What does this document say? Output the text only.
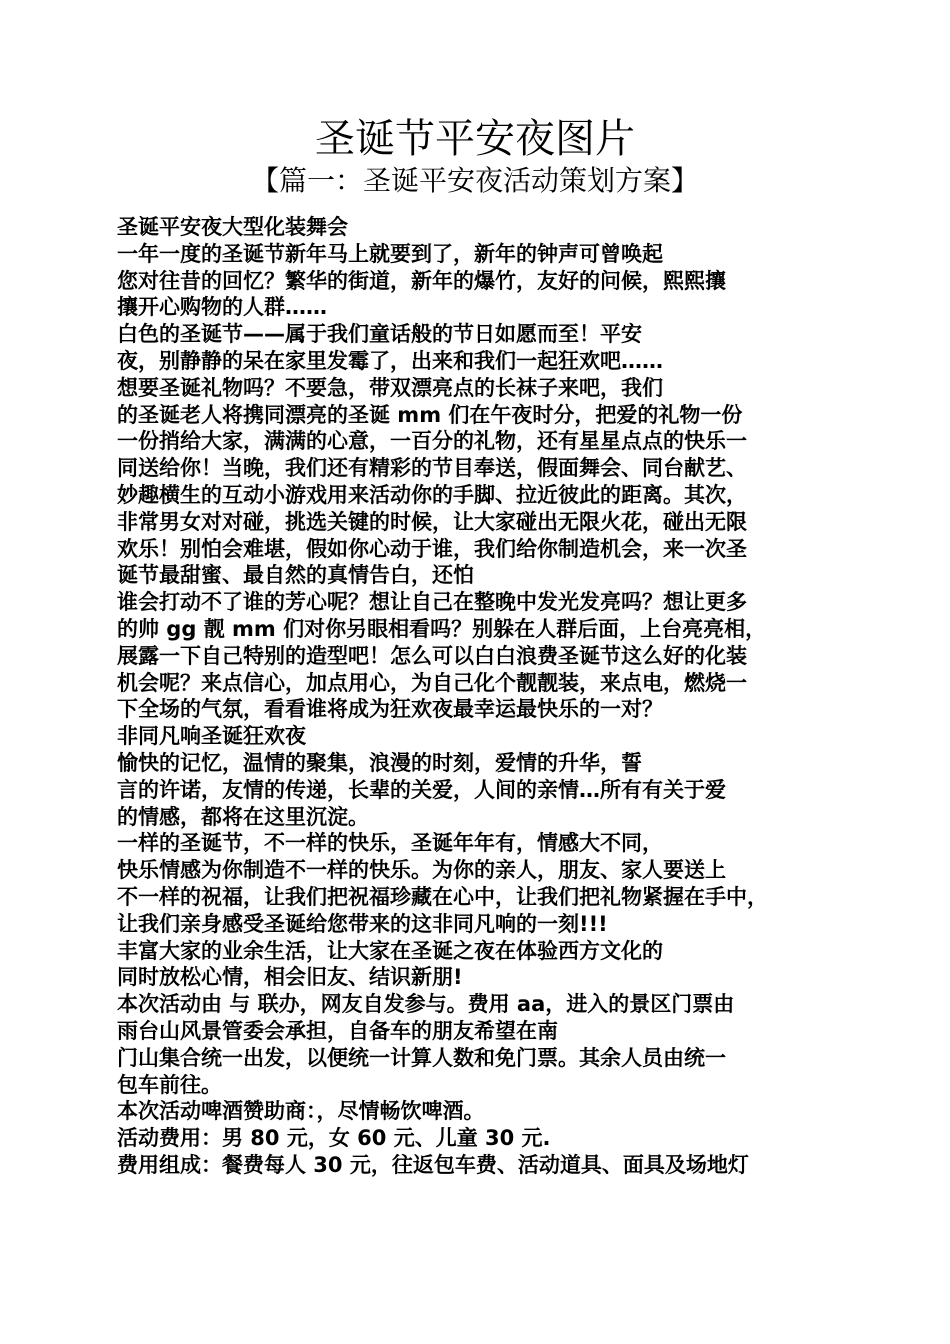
圣诞节平安夜图片
【篇一：圣诞平安夜活动策划方案】
圣诞平安夜大型化装舞会
一年一度的圣诞节新年马上就要到了，新年的钟声可曾唤起
您对往昔的回忆？繁华的街道，新年的爆竹，友好的问候，熙熙攘
攘开心购物的人群……
白色的圣诞节——属于我们童话般的节日如愿而至！平安
夜，别静静的呆在家里发霉了，出来和我们一起狂欢吧……
想要圣诞礼物吗？不要急，带双漂亮点的长袜子来吧，我们
的圣诞老人将携同漂亮的圣诞 mm 们在午夜时分，把爱的礼物一份
一份捎给大家，满满的心意，一百分的礼物，还有星星点点的快乐一
同送给你！当晚，我们还有精彩的节目奉送，假面舞会、同台献艺、
妙趣横生的互动小游戏用来活动你的手脚、拉近彼此的距离。其次，
非常男女对对碰，挑选关键的时候，让大家碰出无限火花，碰出无限
欢乐！别怕会难堪，假如你心动于谁，我们给你制造机会，来一次圣
诞节最甜蜜、最自然的真情告白，还怕
谁会打动不了谁的芳心呢？想让自己在整晚中发光发亮吗？想让更多
的帅 gg 靓 mm 们对你另眼相看吗？别躲在人群后面，上台亮亮相，
展露一下自己特别的造型吧！怎么可以白白浪费圣诞节这么好的化装
机会呢？来点信心，加点用心，为自己化个靓靓装，来点电，燃烧一
下全场的气氛，看看谁将成为狂欢夜最幸运最快乐的一对？
非同凡响圣诞狂欢夜
愉快的记忆，温情的聚集，浪漫的时刻，爱情的升华，誓
言的许诺，友情的传递，长辈的关爱，人间的亲情…所有有关于爱
的情感，都将在这里沉淀。
一样的圣诞节，不一样的快乐，圣诞年年有，情感大不同，
快乐情感为你制造不一样的快乐。为你的亲人，朋友、家人要送上
不一样的祝福，让我们把祝福珍藏在心中，让我们把礼物紧握在手中，
让我们亲身感受圣诞给您带来的这非同凡响的一刻!!!
丰富大家的业余生活，让大家在圣诞之夜在体验西方文化的
同时放松心情，相会旧友、结识新朋!
本次活动由 与 联办，网友自发参与。费用 aa，进入的景区门票由
雨台山风景管委会承担，自备车的朋友希望在南
门山集合统一出发，以便统一计算人数和免门票。其余人员由统一
包车前往。
本次活动啤酒赞助商：，尽情畅饮啤酒。
活动费用：男 80 元，女 60 元、儿童 30 元.
费用组成：餐费每人 30 元，往返包车费、活动道具、面具及场地灯
